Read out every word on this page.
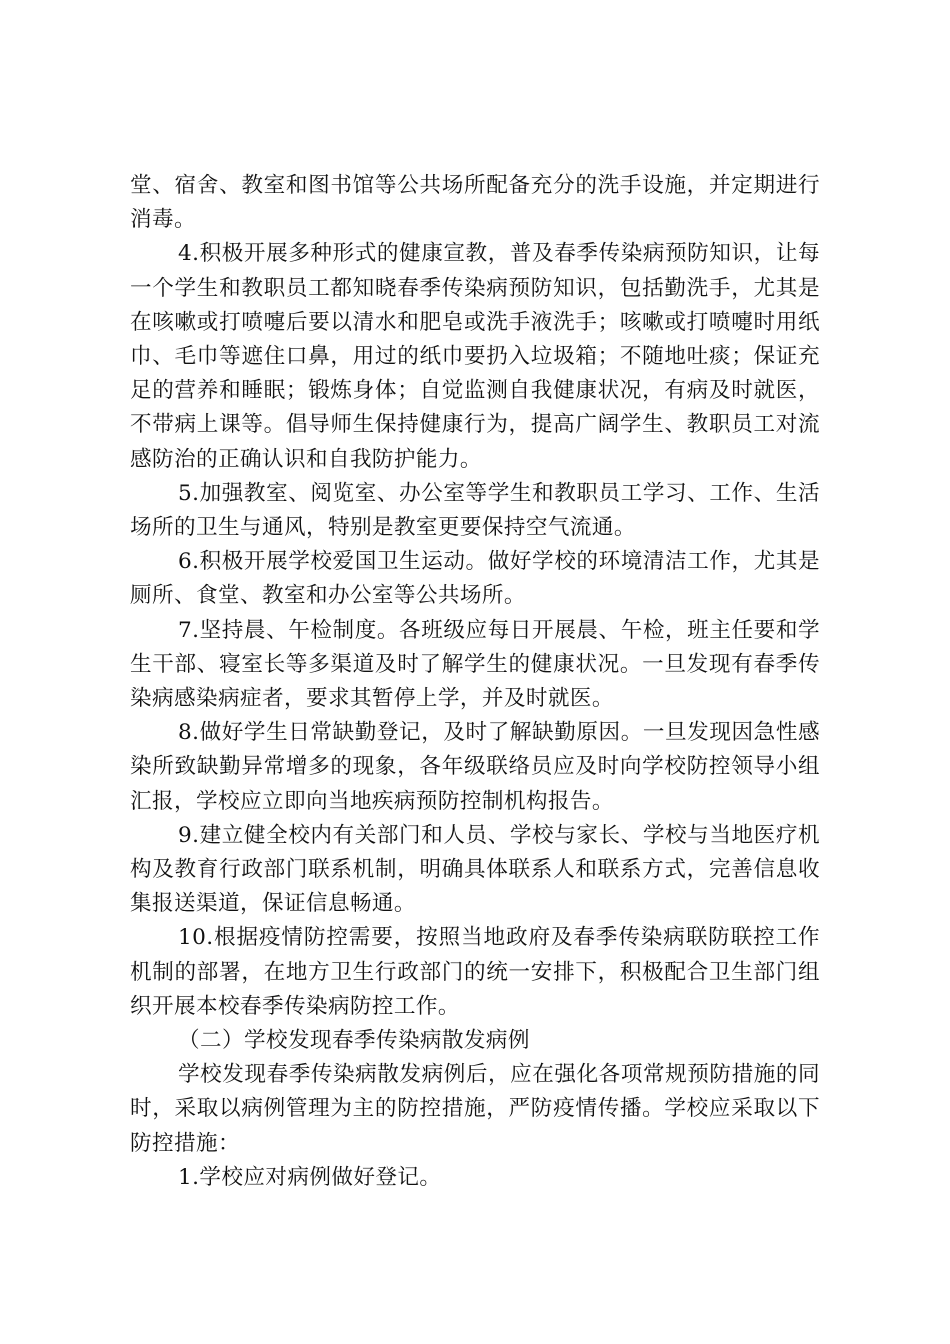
堂、宿舍、教室和图书馆等公共场所配备充分的洗手设施，并定期进行消毒。

4.积极开展多种形式的健康宣教，普及春季传染病预防知识，让每一个学生和教职员工都知晓春季传染病预防知识，包括勤洗手，尤其是在咳嗽或打喷嚏后要以清水和肥皂或洗手液洗手；咳嗽或打喷嚏时用纸巾、毛巾等遮住口鼻，用过的纸巾要扔入垃圾箱；不随地吐痰；保证充足的营养和睡眠；锻炼身体；自觉监测自我健康状况，有病及时就医，不带病上课等。倡导师生保持健康行为，提高广阔学生、教职员工对流感防治的正确认识和自我防护能力。

5.加强教室、阅览室、办公室等学生和教职员工学习、工作、生活场所的卫生与通风，特别是教室更要保持空气流通。

6.积极开展学校爱国卫生运动。做好学校的环境清洁工作，尤其是厕所、食堂、教室和办公室等公共场所。

7.坚持晨、午检制度。各班级应每日开展晨、午检，班主任要和学生干部、寝室长等多渠道及时了解学生的健康状况。一旦发现有春季传染病感染病症者，要求其暂停上学，并及时就医。

8.做好学生日常缺勤登记，及时了解缺勤原因。一旦发现因急性感染所致缺勤异常增多的现象，各年级联络员应及时向学校防控领导小组汇报，学校应立即向当地疾病预防控制机构报告。

9.建立健全校内有关部门和人员、学校与家长、学校与当地医疗机构及教育行政部门联系机制，明确具体联系人和联系方式，完善信息收集报送渠道，保证信息畅通。

10.根据疫情防控需要，按照当地政府及春季传染病联防联控工作机制的部署，在地方卫生行政部门的统一安排下，积极配合卫生部门组织开展本校春季传染病防控工作。

（二）学校发现春季传染病散发病例

学校发现春季传染病散发病例后，应在强化各项常规预防措施的同时，采取以病例管理为主的防控措施，严防疫情传播。学校应采取以下防控措施：

1.学校应对病例做好登记。
